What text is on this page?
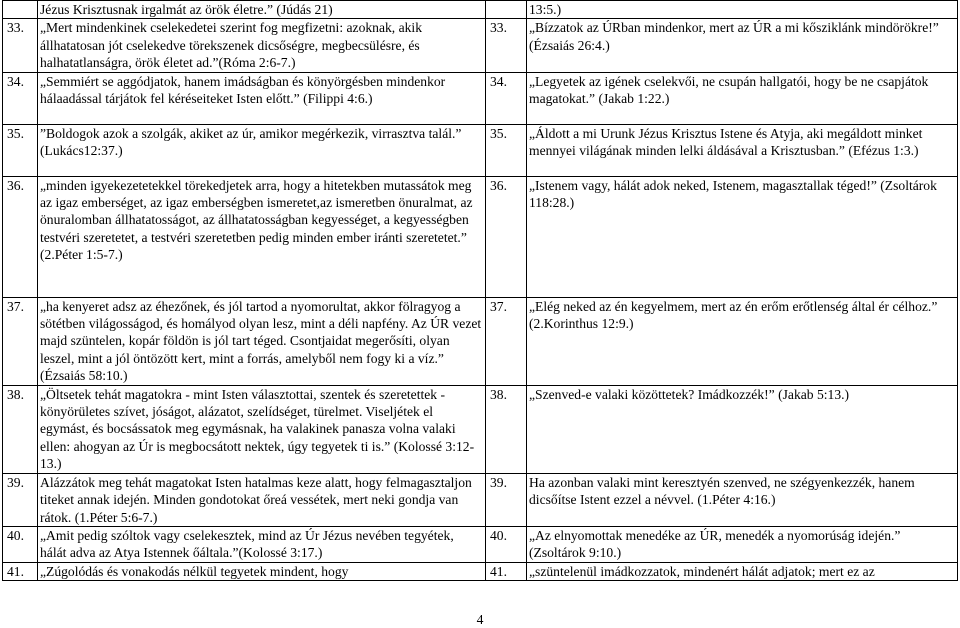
	Jézus Krisztusnak irgalmát az örök életre.” (Júdás 21)		13:5.)
33.	„Mert mindenkinek cselekedetei szerint fog megfizetni: azoknak, akik állhatatosan jót cselekedve törekszenek dicsőségre, megbecsülésre, és halhatatlanságra, örök életet ad.”(Róma 2:6-7.)	33.	„Bízzatok az ÚRban mindenkor, mert az ÚR a mi kősziklánk mindörökre!” (Ézsaiás 26:4.)
34.	„Semmiért se aggódjatok, hanem imádságban és könyörgésben mindenkor hálaadással tárjátok fel kéréseiteket Isten előtt.” (Filippi 4:6.)	34.	„Legyetek az igének cselekvői, ne csupán hallgatói, hogy be ne csapjátok magatokat.” (Jakab 1:22.)
35.	”Boldogok azok a szolgák, akiket az úr, amikor megérkezik, virrasztva talál.” (Lukács12:37.)	35.	„Áldott a mi Urunk Jézus Krisztus Istene és Atyja, aki megáldott minket mennyei világának minden lelki áldásával a Krisztusban.” (Efézus 1:3.)
36.	„minden igyekezetetekkel törekedjetek arra, hogy a hitetekben mutassátok meg az igaz emberséget, az igaz emberségben ismeretet,az ismeretben önuralmat, az önuralomban állhatatosságot, az állhatatosságban kegyességet, a kegyességben testvéri szeretetet, a testvéri szeretetben pedig minden ember iránti szeretetet.” (2.Péter 1:5-7.)	36.	„Istenem vagy, hálát adok neked, Istenem, magasztallak téged!” (Zsoltárok 118:28.)
37.	„ha kenyeret adsz az éhezőnek, és jól tartod a nyomorultat, akkor fölragyog a sötétben világosságod, és homályod olyan lesz, mint a déli napfény. Az ÚR vezet majd szüntelen, kopár földön is jól tart téged. Csontjaidat megerősíti, olyan leszel, mint a jól öntözött kert, mint a forrás, amelyből nem fogy ki a víz.” (Ézsaiás 58:10.)	37.	„Elég neked az én kegyelmem, mert az én erőm erőtlenség által ér célhoz.” (2.Korinthus 12:9.)
38.	„Öltsetek tehát magatokra - mint Isten választottai, szentek és szeretettek - könyörületes szívet, jóságot, alázatot, szelídséget, türelmet. Viseljétek el egymást, és bocsássatok meg egymásnak, ha valakinek panasza volna valaki ellen: ahogyan az Úr is megbocsátott nektek, úgy tegyetek ti is.” (Kolossé 3:12-13.)	38.	„Szenved-e valaki közöttetek? Imádkozzék!” (Jakab 5:13.)
39.	Alázzátok meg tehát magatokat Isten hatalmas keze alatt, hogy felmagasztaljon titeket annak idején. Minden gondotokat őreá vessétek, mert neki gondja van rátok. (1.Péter 5:6-7.)	39.	Ha azonban valaki mint keresztyén szenved, ne szégyenkezzék, hanem dicsőítse Istent ezzel a névvel. (1.Péter 4:16.)
40.	„Amit pedig szóltok vagy cselekesztek, mind az Úr Jézus nevében tegyétek, hálát adva az Atya Istennek őáltala.”(Kolossé 3:17.)	40.	„Az elnyomottak menedéke az ÚR, menedék a nyomorúság idején.” (Zsoltárok 9:10.)
41.	„Zúgolódás és vonakodás nélkül tegyetek mindent, hogy	41.	„szüntelenül imádkozzatok, mindenért hálát adjatok; mert ez az
4
